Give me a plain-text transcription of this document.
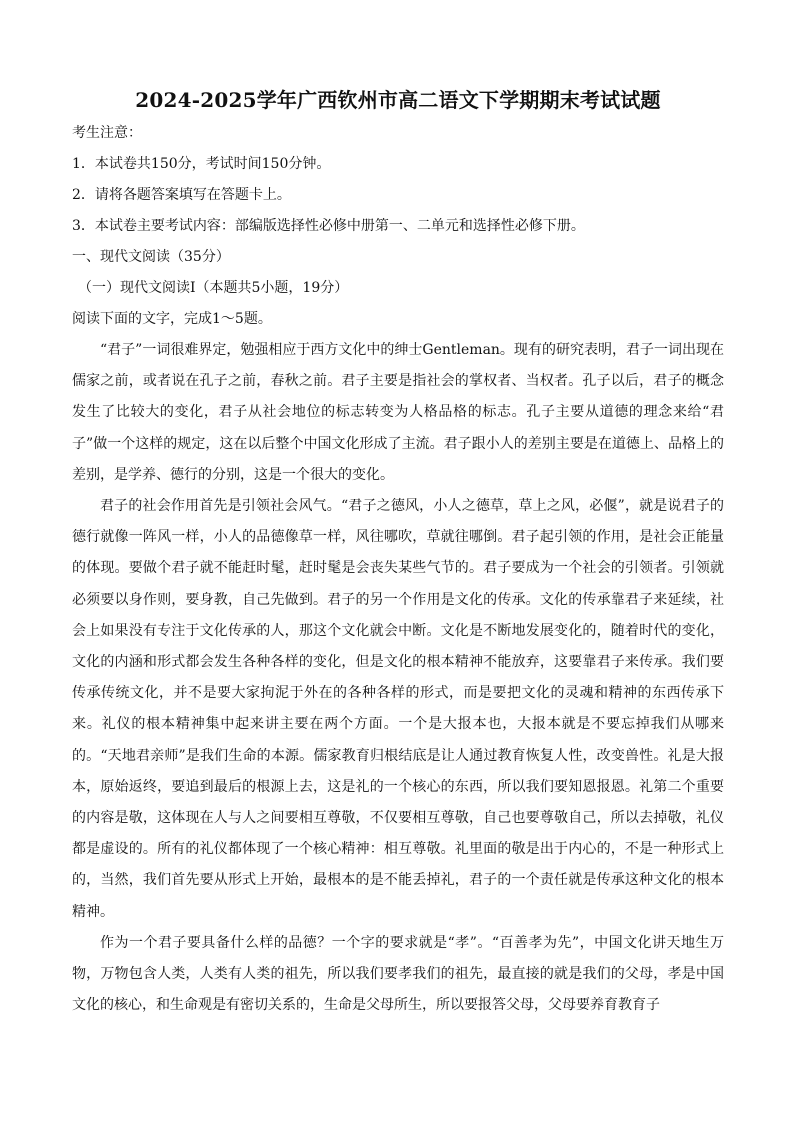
2024-2025学年广西钦州市高二语文下学期期末考试试题

考生注意：

1．本试卷共150分，考试时间150分钟。

2．请将各题答案填写在答题卡上。

3．本试卷主要考试内容：部编版选择性必修中册第一、二单元和选择性必修下册。

一、现代文阅读（35分）

（一）现代文阅读Ⅰ（本题共5小题，19分）

阅读下面的文字，完成1～5题。

“君子”一词很难界定，勉强相应于西方文化中的绅士Gentleman。现有的研究表明，君子一词出现在儒家之前，或者说在孔子之前，春秋之前。君子主要是指社会的掌权者、当权者。孔子以后，君子的概念发生了比较大的变化，君子从社会地位的标志转变为人格品格的标志。孔子主要从道德的理念来给“君子”做一个这样的规定，这在以后整个中国文化形成了主流。君子跟小人的差别主要是在道德上、品格上的差别，是学养、德行的分别，这是一个很大的变化。

君子的社会作用首先是引领社会风气。“君子之德风，小人之德草，草上之风，必偃”，就是说君子的德行就像一阵风一样，小人的品德像草一样，风往哪吹，草就往哪倒。君子起引领的作用，是社会正能量的体现。要做个君子就不能赶时髦，赶时髦是会丧失某些气节的。君子要成为一个社会的引领者。引领就必须要以身作则，要身教，自己先做到。君子的另一个作用是文化的传承。文化的传承靠君子来延续，社会上如果没有专注于文化传承的人，那这个文化就会中断。文化是不断地发展变化的，随着时代的变化，文化的内涵和形式都会发生各种各样的变化，但是文化的根本精神不能放弃，这要靠君子来传承。我们要传承传统文化，并不是要大家拘泥于外在的各种各样的形式，而是要把文化的灵魂和精神的东西传承下来。礼仪的根本精神集中起来讲主要在两个方面。一个是大报本也，大报本就是不要忘掉我们从哪来的。“天地君亲师”是我们生命的本源。儒家教育归根结底是让人通过教育恢复人性，改变兽性。礼是大报本，原始返终，要追到最后的根源上去，这是礼的一个核心的东西，所以我们要知恩报恩。礼第二个重要的内容是敬，这体现在人与人之间要相互尊敬，不仅要相互尊敬，自己也要尊敬自己，所以去掉敬，礼仪都是虚设的。所有的礼仪都体现了一个核心精神：相互尊敬。礼里面的敬是出于内心的，不是一种形式上的，当然，我们首先要从形式上开始，最根本的是不能丢掉礼，君子的一个责任就是传承这种文化的根本精神。

作为一个君子要具备什么样的品德？一个字的要求就是“孝”。“百善孝为先”，中国文化讲天地生万物，万物包含人类，人类有人类的祖先，所以我们要孝我们的祖先，最直接的就是我们的父母，孝是中国文化的核心，和生命观是有密切关系的，生命是父母所生，所以要报答父母，父母要养育教育子
